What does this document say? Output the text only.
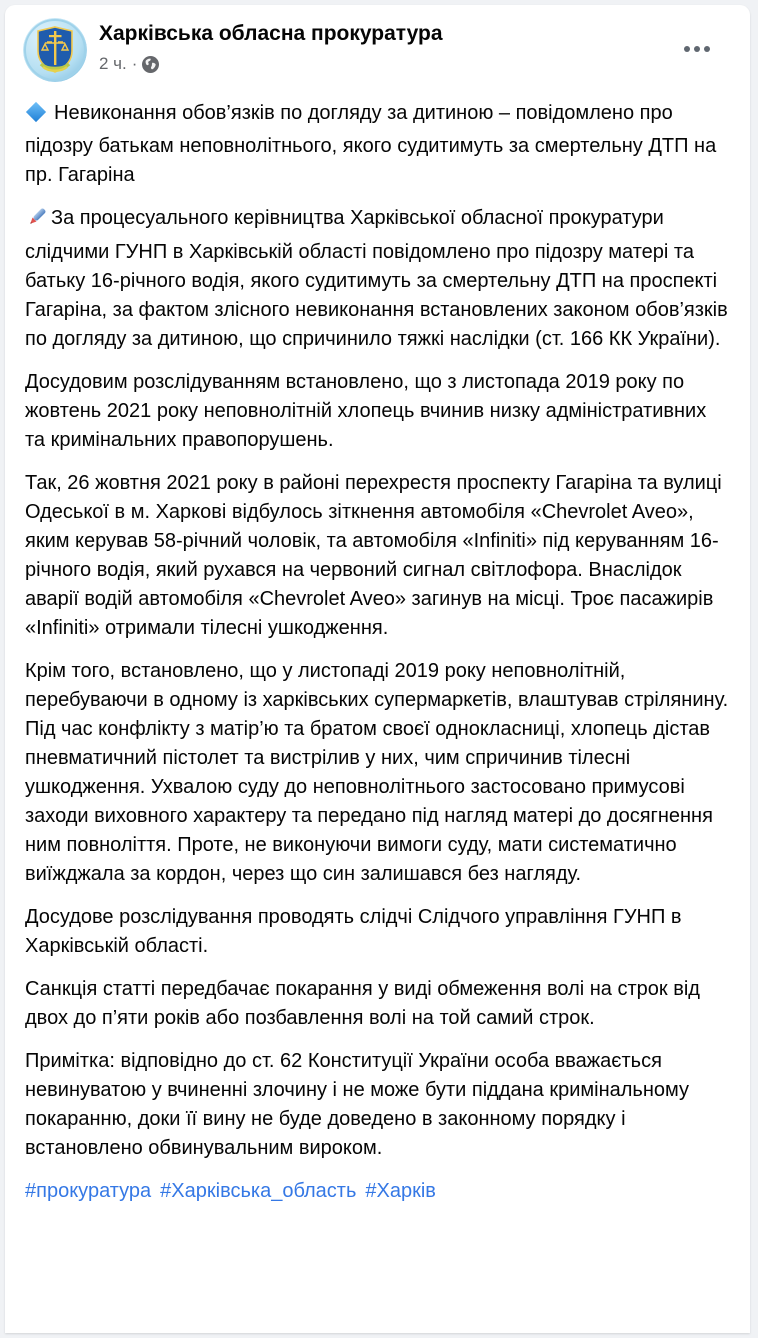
Харківська обласна прокуратура
2 ч. ·

Невиконання обов’язків по догляду за дитиною – повідомлено про підозру батькам неповнолітнього, якого судитимуть за смертельну ДТП на пр. Гагаріна

За процесуального керівництва Харківської обласної прокуратури слідчими ГУНП в Харківській області повідомлено про підозру матері та батьку 16-річного водія, якого судитимуть за смертельну ДТП на проспекті Гагаріна, за фактом злісного невиконання встановлених законом обов’язків по догляду за дитиною, що спричинило тяжкі наслідки (ст. 166 КК України).

Досудовим розслідуванням встановлено, що з листопада 2019 року по жовтень 2021 року неповнолітній хлопець вчинив низку адміністративних та кримінальних правопорушень.

Так, 26 жовтня 2021 року в районі перехрестя проспекту Гагаріна та вулиці Одеської в м. Харкові відбулось зіткнення автомобіля «Chevrolet Aveo», яким керував 58-річний чоловік, та автомобіля «Infiniti» під керуванням 16-річного водія, який рухався на червоний сигнал світлофора. Внаслідок аварії водій автомобіля «Chevrolet Aveo» загинув на місці. Троє пасажирів «Infiniti» отримали тілесні ушкодження.

Крім того, встановлено, що у листопаді 2019 року неповнолітній, перебуваючи в одному із харківських супермаркетів, влаштував стрілянину. Під час конфлікту з матір’ю та братом своєї однокласниці, хлопець дістав пневматичний пістолет та вистрілив у них, чим спричинив тілесні ушкодження. Ухвалою суду до неповнолітнього застосовано примусові заходи виховного характеру та передано під нагляд матері до досягнення ним повноліття. Проте, не виконуючи вимоги суду, мати систематично виїжджала за кордон, через що син залишався без нагляду.

Досудове розслідування проводять слідчі Слідчого управління ГУНП в Харківській області.

Санкція статті передбачає покарання у виді обмеження волі на строк від двох до п’яти років або позбавлення волі на той самий строк.

Примітка: відповідно до ст. 62 Конституції України особа вважається невинуватою у вчиненні злочину і не може бути піддана кримінальному покаранню, доки її вину не буде доведено в законному порядку і встановлено обвинувальним вироком.

#прокуратура #Харківська_область #Харків
